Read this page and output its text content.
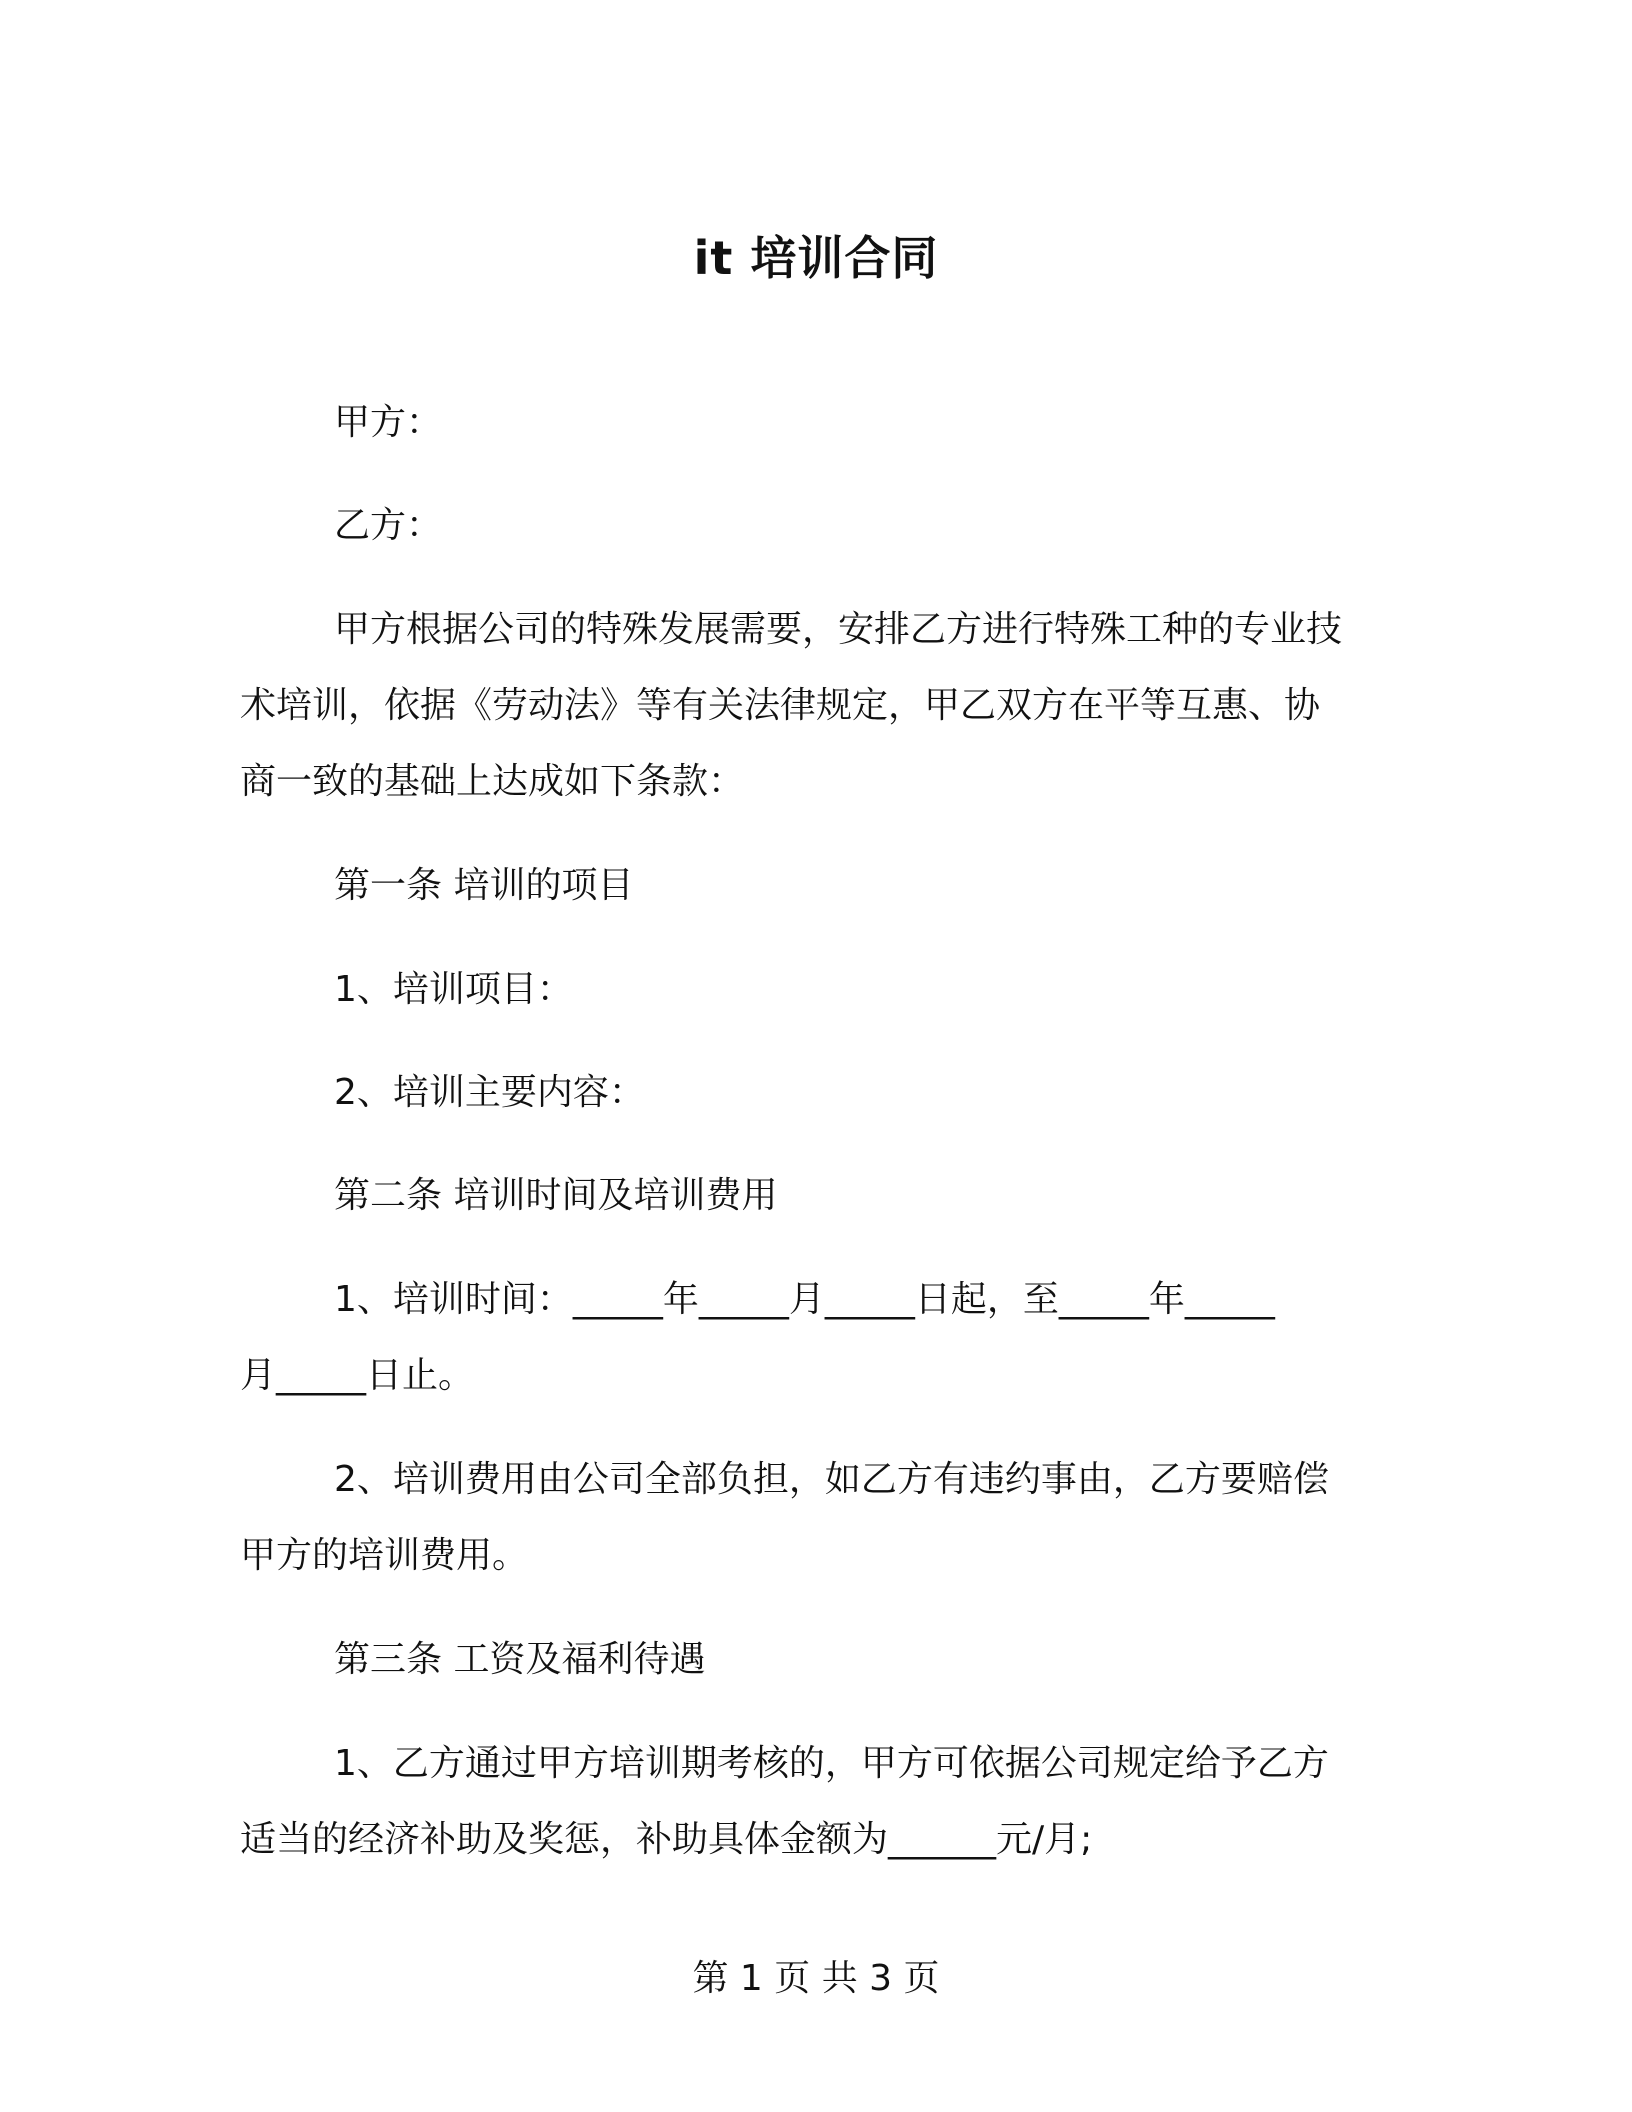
it 培训合同
甲方：
乙方：
甲方根据公司的特殊发展需要，安排乙方进行特殊工种的专业技
术培训，依据《劳动法》等有关法律规定，甲乙双方在平等互惠、协
商一致的基础上达成如下条款：
第一条 培训的项目
1、培训项目：
2、培训主要内容：
第二条 培训时间及培训费用
1、培训时间：_____年_____月_____日起，至_____年_____
月_____日止。
2、培训费用由公司全部负担，如乙方有违约事由，乙方要赔偿
甲方的培训费用。
第三条 工资及福利待遇
1、乙方通过甲方培训期考核的，甲方可依据公司规定给予乙方
适当的经济补助及奖惩，补助具体金额为______元/月;
第 1 页 共 3 页
